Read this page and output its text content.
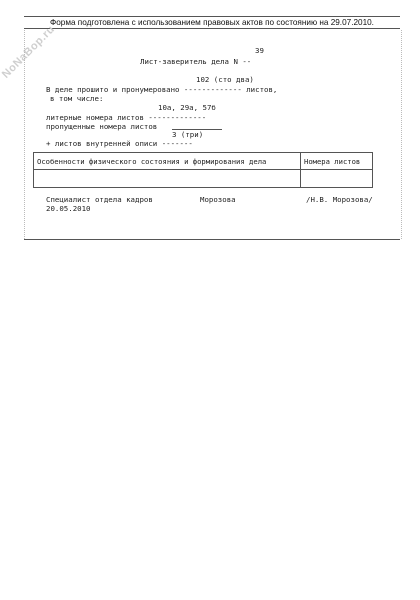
Форма подготовлена с использованием правовых актов по состоянию на 29.07.2010.
NoNaBop.ru	39
Лист-заверитель дела N --
102 (сто два)
В деле прошито и пронумеровано ------------- листов,
в том числе:
10а, 29а, 57б
литерные номера листов -------------
пропущенные номера листов
3 (три)
+ листов внутренней описи -------
Особенности физического состояния и формирования дела	Номера листов
Специалист отдела кадров	Морозова	/Н.В. Морозова/
20.05.2010
